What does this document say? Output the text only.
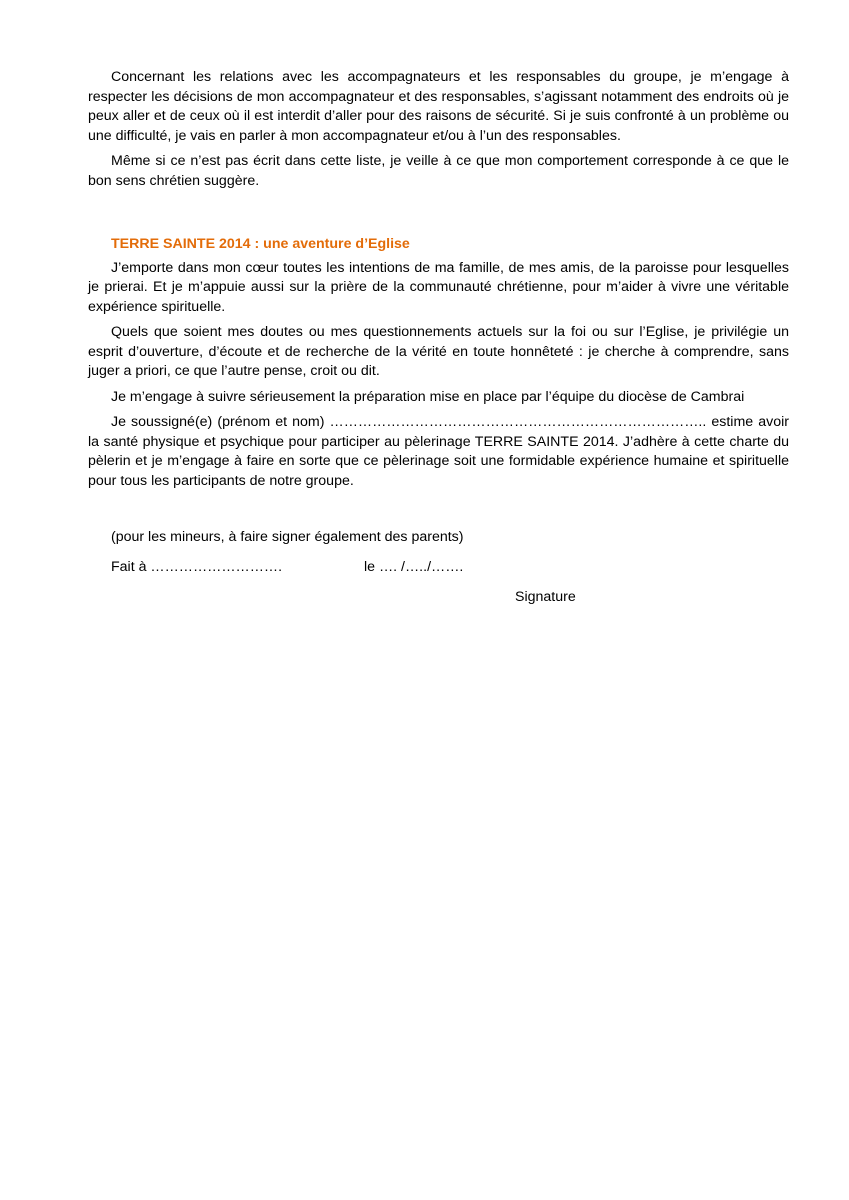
Concernant les relations avec les accompagnateurs et les responsables du groupe, je m’engage à respecter les décisions de mon accompagnateur et des responsables, s’agissant notamment des endroits où je peux aller et de ceux où il est interdit d’aller pour des raisons de sécurité. Si je suis confronté à un problème ou une difficulté, je vais en parler à mon accompagnateur et/ou à l’un des responsables.

Même si ce n’est pas écrit dans cette liste, je veille à ce que mon comportement corresponde à ce que le bon sens chrétien suggère.

TERRE SAINTE 2014 : une aventure d’Eglise

J’emporte dans mon cœur toutes les intentions de ma famille, de mes amis, de la paroisse pour lesquelles je prierai. Et je m’appuie aussi sur la prière de la communauté chrétienne, pour m’aider à vivre une véritable expérience spirituelle.

Quels que soient mes doutes ou mes questionnements actuels sur la foi ou sur l’Eglise, je privilégie un esprit d’ouverture, d’écoute et de recherche de la vérité en toute honnêteté : je cherche à comprendre, sans juger a priori, ce que l’autre pense, croit ou dit.

Je m’engage à suivre sérieusement la préparation mise en place par l’équipe du diocèse de Cambrai

Je soussigné(e) (prénom et nom) …………………………………………………………………….. estime avoir la santé physique et psychique pour participer au pèlerinage TERRE SAINTE 2014. J’adhère à cette charte du pèlerin et je m’engage à faire en sorte que ce pèlerinage soit une formidable expérience humaine et spirituelle pour tous les participants de notre groupe.

(pour les mineurs, à faire signer également des parents)
Fait à ……………………….	le …. /…../…….
Signature
